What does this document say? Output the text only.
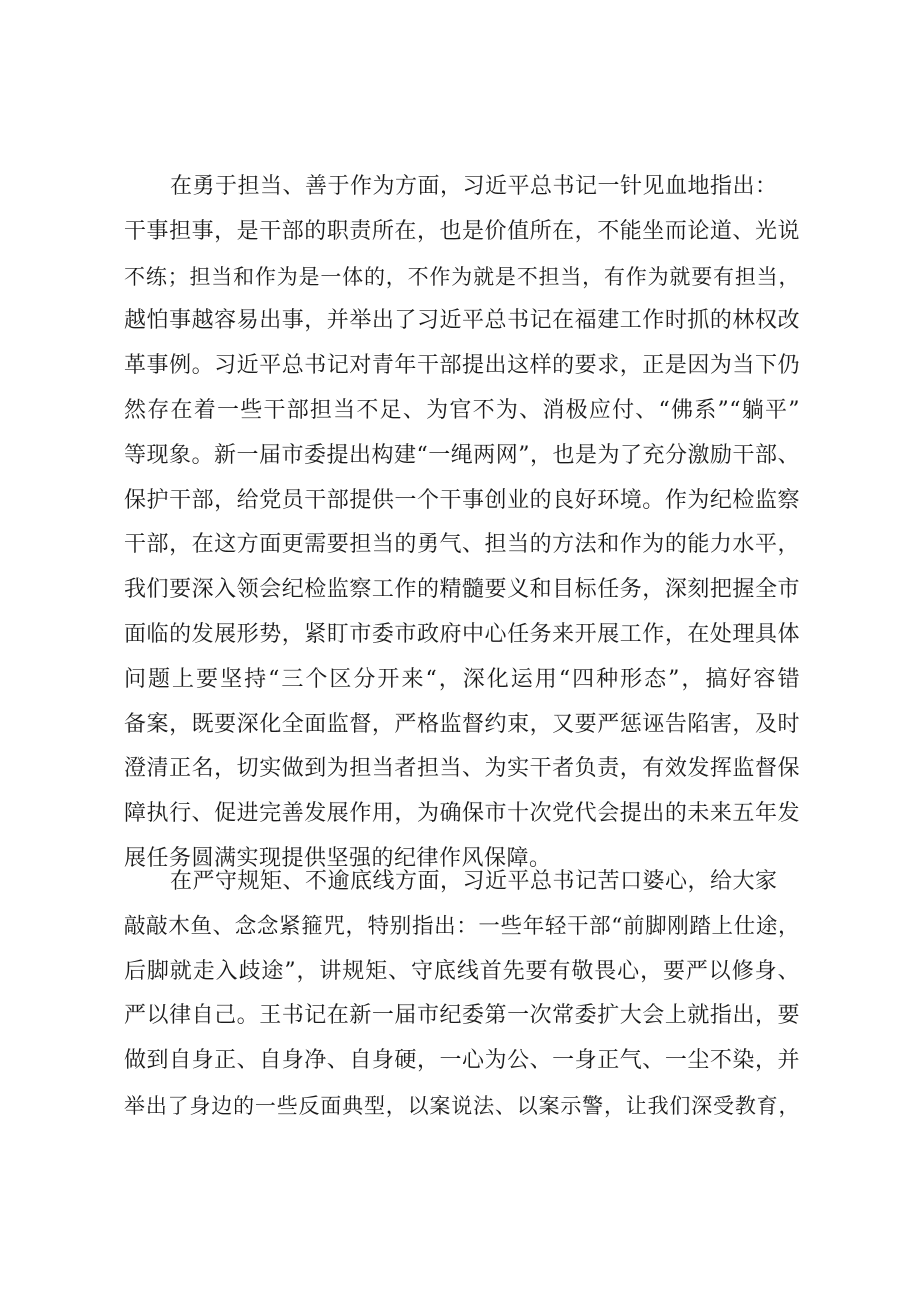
在勇于担当、善于作为方面，习近平总书记一针见血地指出：
干事担事，是干部的职责所在，也是价值所在，不能坐而论道、光说
不练；担当和作为是一体的，不作为就是不担当，有作为就要有担当，
越怕事越容易出事，并举出了习近平总书记在福建工作时抓的林权改
革事例。习近平总书记对青年干部提出这样的要求，正是因为当下仍
然存在着一些干部担当不足、为官不为、消极应付、“佛系”“躺平”
等现象。新一届市委提出构建“一绳两网”，也是为了充分激励干部、
保护干部，给党员干部提供一个干事创业的良好环境。作为纪检监察
干部，在这方面更需要担当的勇气、担当的方法和作为的能力水平，
我们要深入领会纪检监察工作的精髓要义和目标任务，深刻把握全市
面临的发展形势，紧盯市委市政府中心任务来开展工作，在处理具体
问题上要坚持“三个区分开来“，深化运用“四种形态”，搞好容错
备案，既要深化全面监督，严格监督约束，又要严惩诬告陷害，及时
澄清正名，切实做到为担当者担当、为实干者负责，有效发挥监督保
障执行、促进完善发展作用，为确保市十次党代会提出的未来五年发
展任务圆满实现提供坚强的纪律作风保障。
在严守规矩、不逾底线方面，习近平总书记苦口婆心，给大家
敲敲木鱼、念念紧箍咒，特别指出：一些年轻干部“前脚刚踏上仕途，
后脚就走入歧途”，讲规矩、守底线首先要有敬畏心，要严以修身、
严以律自己。王书记在新一届市纪委第一次常委扩大会上就指出，要
做到自身正、自身净、自身硬，一心为公、一身正气、一尘不染，并
举出了身边的一些反面典型，以案说法、以案示警，让我们深受教育，
